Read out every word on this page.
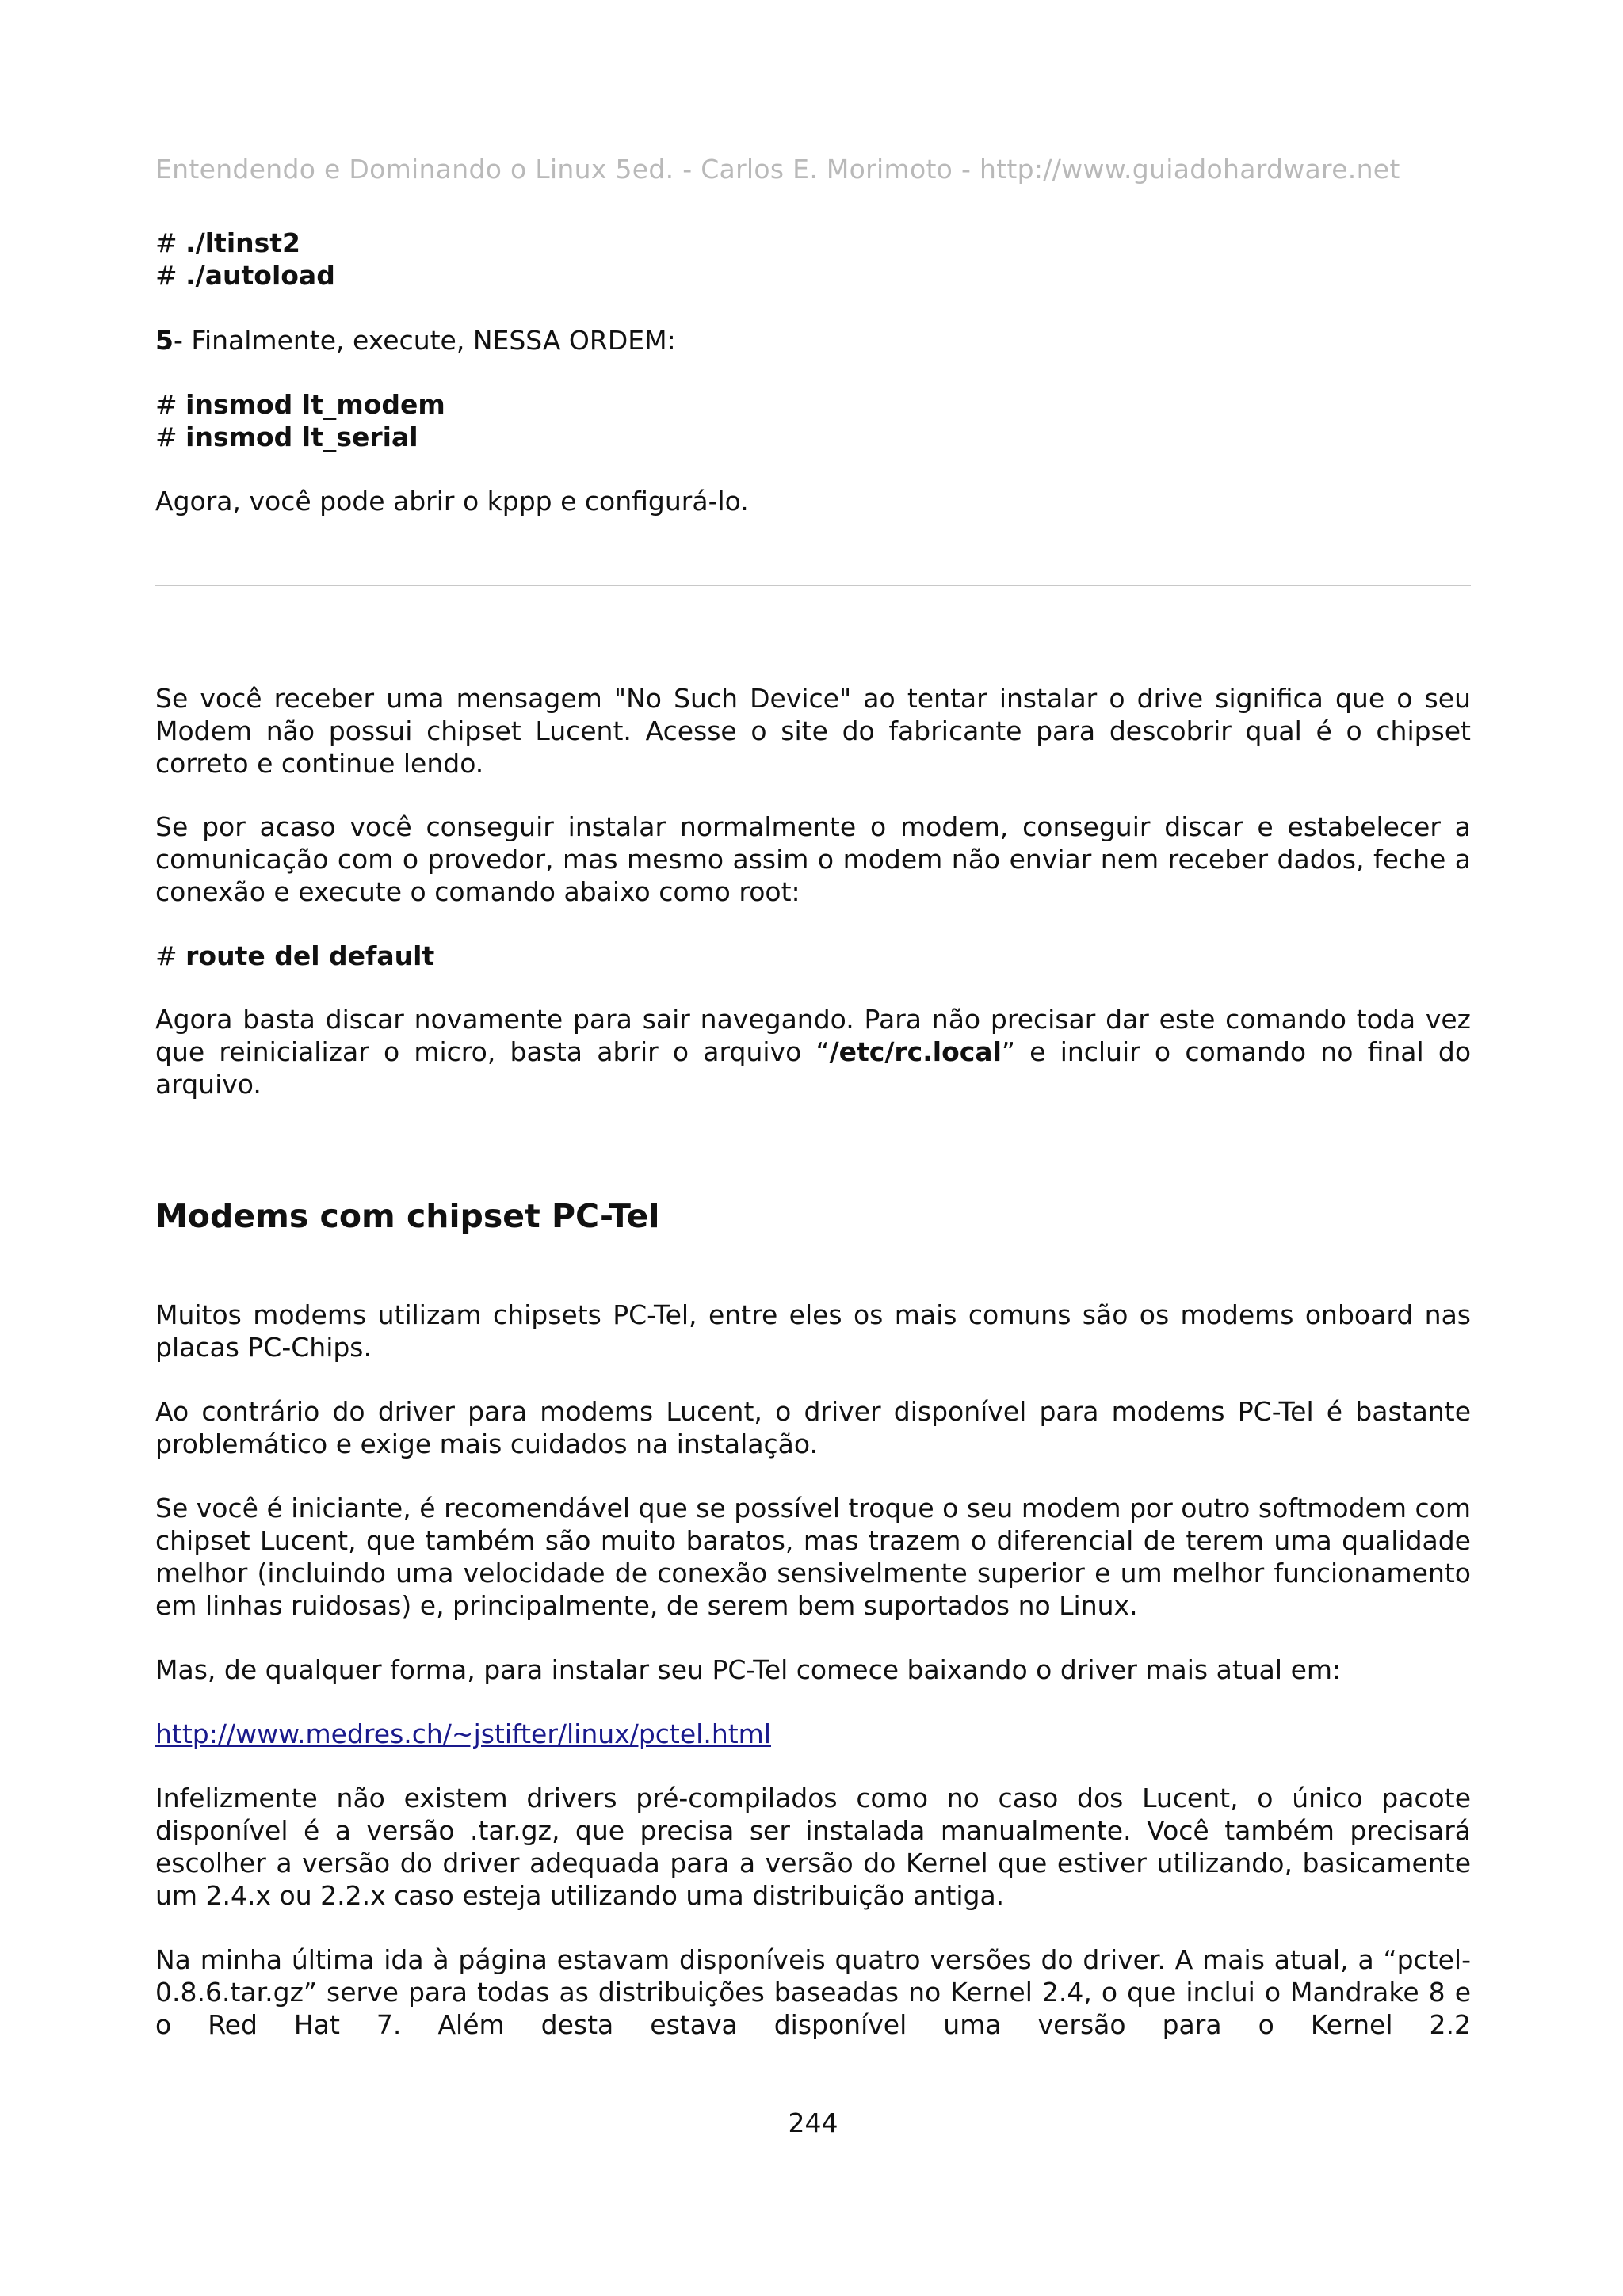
Entendendo e Dominando o Linux 5ed. - Carlos E. Morimoto - http://www.guiadohardware.net
# ./ltinst2
# ./autoload
5- Finalmente, execute, NESSA ORDEM:
# insmod lt_modem
# insmod lt_serial
Agora, você pode abrir o kppp e configurá-lo.
Se você receber uma mensagem "No Such Device" ao tentar instalar o drive significa que o seu Modem não possui chipset Lucent. Acesse o site do fabricante para descobrir qual é o chipset correto e continue lendo.
Se por acaso você conseguir instalar normalmente o modem, conseguir discar e estabelecer a comunicação com o provedor, mas mesmo assim o modem não enviar nem receber dados, feche a conexão e execute o comando abaixo como root:
# route del default
Agora basta discar novamente para sair navegando. Para não precisar dar este comando toda vez que reinicializar o micro, basta abrir o arquivo “/etc/rc.local” e incluir o comando no final do arquivo.
Modems com chipset PC-Tel
Muitos modems utilizam chipsets PC-Tel, entre eles os mais comuns são os modems onboard nas placas PC-Chips.
Ao contrário do driver para modems Lucent, o driver disponível para modems PC-Tel é bastante problemático e exige mais cuidados na instalação.
Se você é iniciante, é recomendável que se possível troque o seu modem por outro softmodem com chipset Lucent, que também são muito baratos, mas trazem o diferencial de terem uma qualidade melhor (incluindo uma velocidade de conexão sensivelmente superior e um melhor funcionamento em linhas ruidosas) e, principalmente, de serem bem suportados no Linux.
Mas, de qualquer forma, para instalar seu PC-Tel comece baixando o driver mais atual em:
http://www.medres.ch/~jstifter/linux/pctel.html
Infelizmente não existem drivers pré-compilados como no caso dos Lucent, o único pacote disponível é a versão .tar.gz, que precisa ser instalada manualmente. Você também precisará escolher a versão do driver adequada para a versão do Kernel que estiver utilizando, basicamente um 2.4.x ou 2.2.x caso esteja utilizando uma distribuição antiga.
Na minha última ida à página estavam disponíveis quatro versões do driver. A mais atual, a “pctel-0.8.6.tar.gz” serve para todas as distribuições baseadas no Kernel 2.4, o que inclui o Mandrake 8 e o Red Hat 7. Além desta estava disponível uma versão para o Kernel 2.2
244
